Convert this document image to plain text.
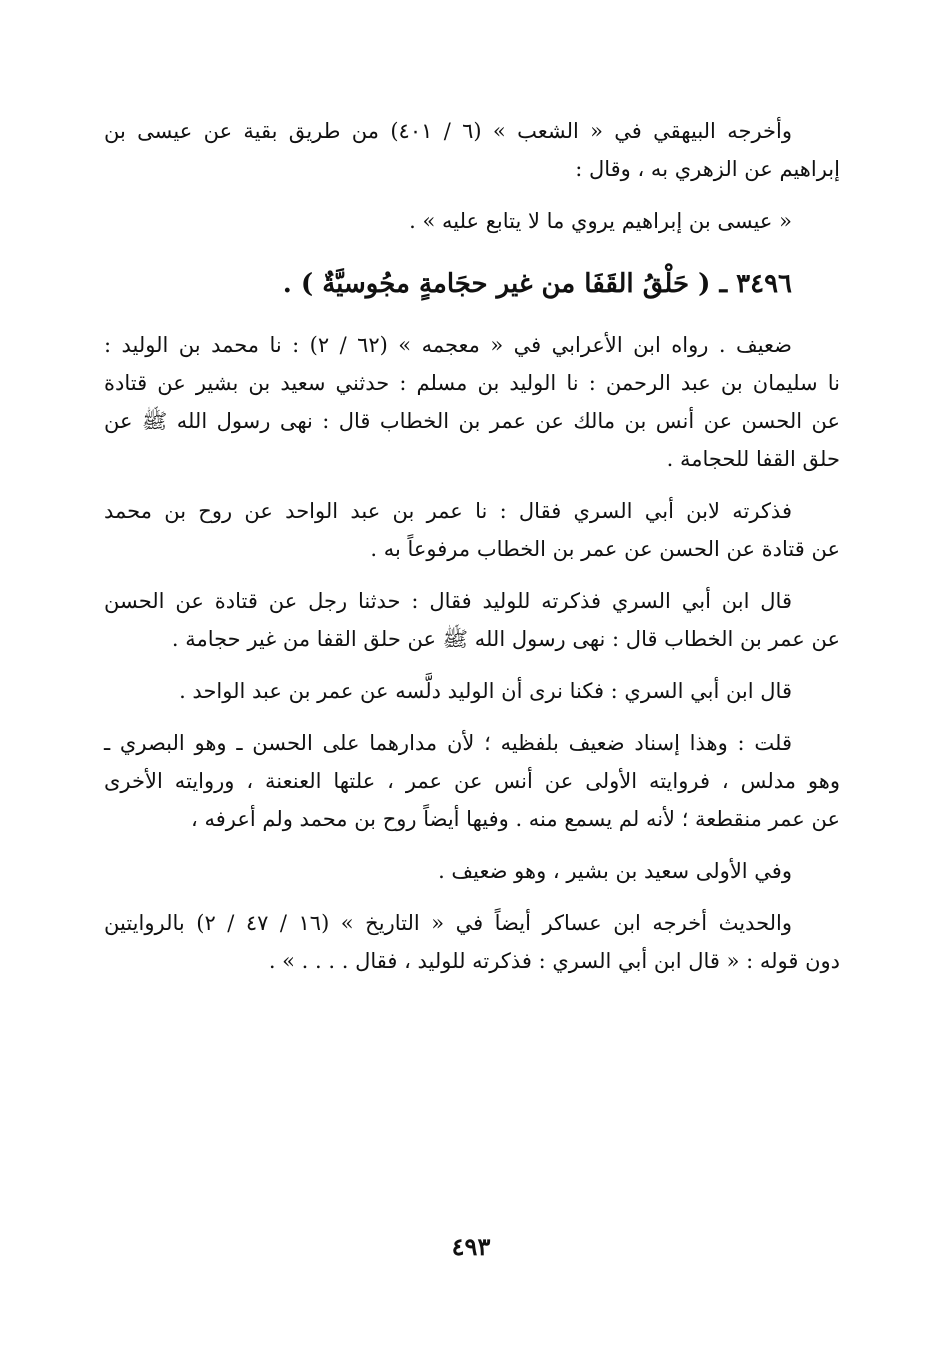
وأخرجه البيهقي في « الشعب » (٦ / ٤٠١) من طريق بقية عن عيسى بن
إبراهيم عن الزهري به ، وقال :
« عيسى بن إبراهيم يروي ما لا يتابع عليه » .
٣٤٩٦ ـ ( حَلْقُ القَفَا من غير حجَامةٍ مجُوسيَّةٌ ) .
ضعيف . رواه ابن الأعرابي في « معجمه » (٦٢ / ٢) : نا محمد بن الوليد :
نا سليمان بن عبد الرحمن : نا الوليد بن مسلم : حدثني سعيد بن بشير عن قتادة
عن الحسن عن أنس بن مالك عن عمر بن الخطاب قال : نهى رسول الله ﷺ عن
حلق القفا للحجامة .
فذكرته لابن أبي السري فقال : نا عمر بن عبد الواحد عن روح بن محمد
عن قتادة عن الحسن عن عمر بن الخطاب مرفوعاً به .
قال ابن أبي السري فذكرته للوليد فقال : حدثنا رجل عن قتادة عن الحسن
عن عمر بن الخطاب قال : نهى رسول الله ﷺ عن حلق القفا من غير حجامة .
قال ابن أبي السري : فكنا نرى أن الوليد دلَّسه عن عمر بن عبد الواحد .
قلت : وهذا إسناد ضعيف بلفظيه ؛ لأن مدارهما على الحسن ـ وهو البصري ـ
وهو مدلس ، فروايته الأولى عن أنس عن عمر ، علتها العنعنة ، وروايته الأخرى
عن عمر منقطعة ؛ لأنه لم يسمع منه . وفيها أيضاً روح بن محمد ولم أعرفه ،
وفي الأولى سعيد بن بشير ، وهو ضعيف .
والحديث أخرجه ابن عساكر أيضاً في « التاريخ » (١٦ / ٤٧ / ٢) بالروايتين
دون قوله : « قال ابن أبي السري : فذكرته للوليد ، فقال . . . . » .
٤٩٣
